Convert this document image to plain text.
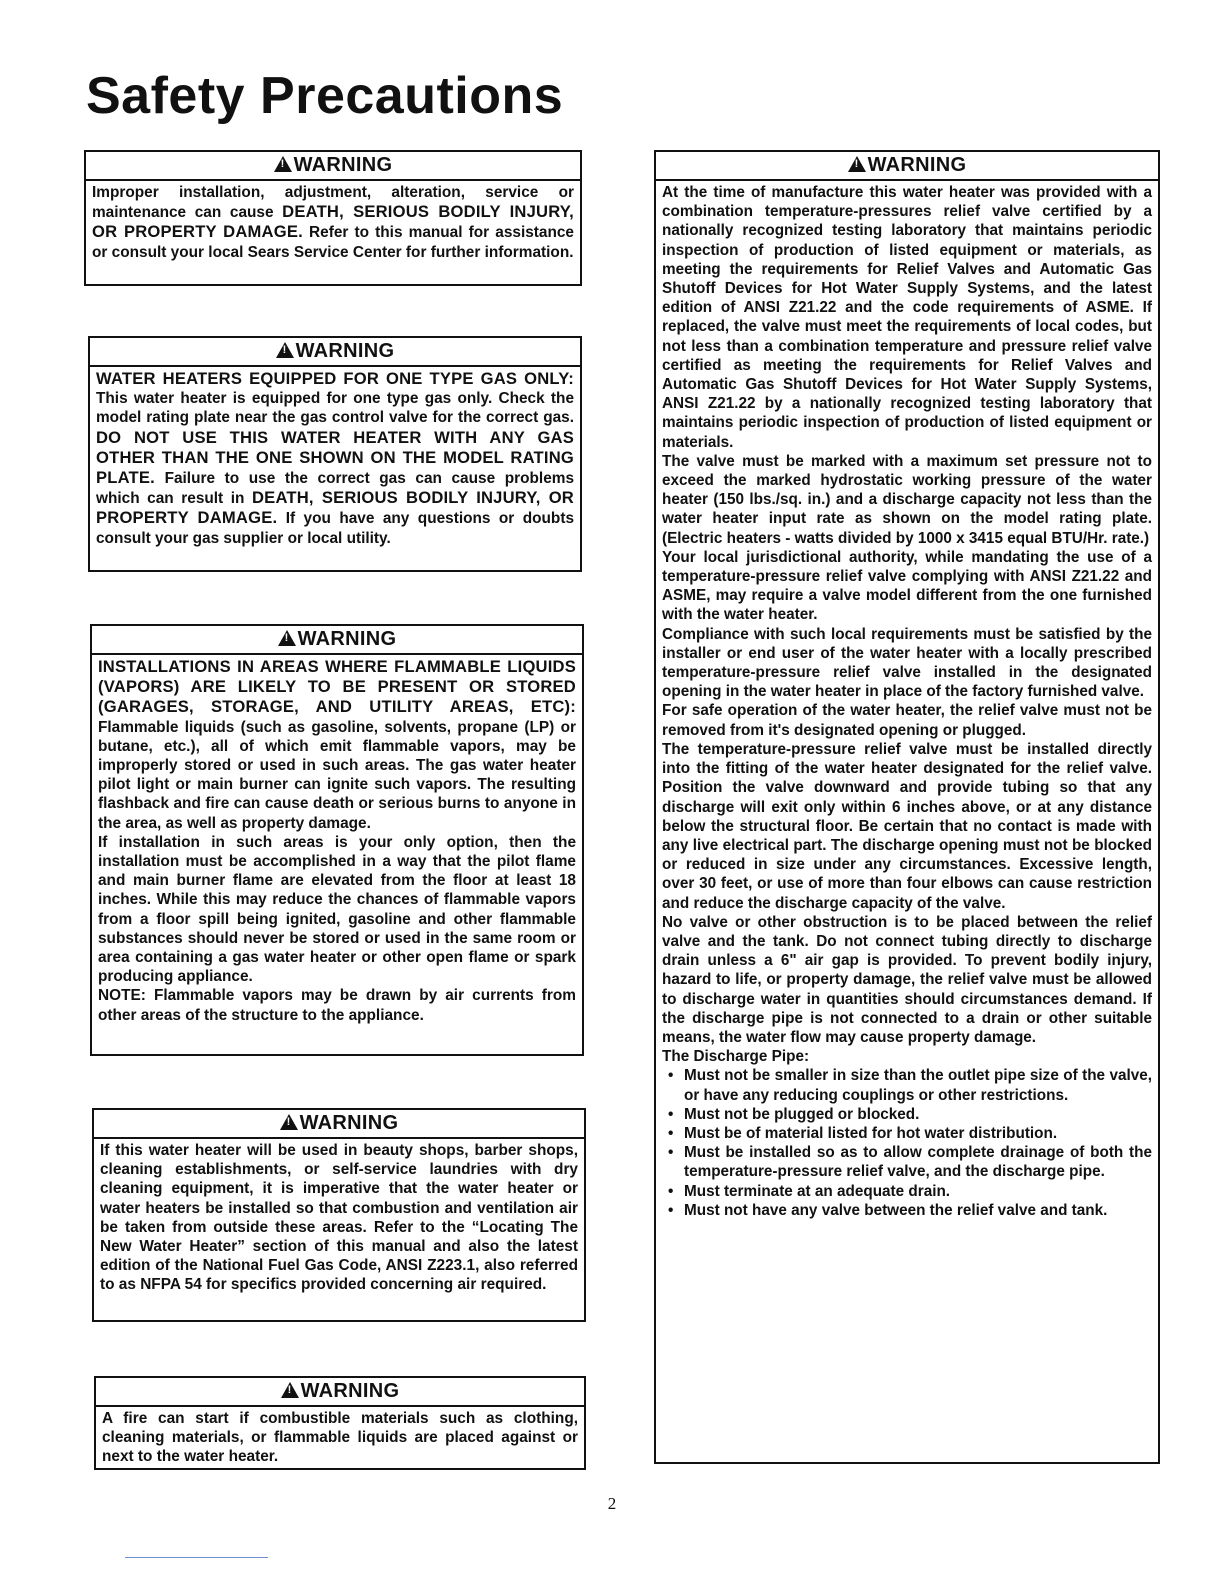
Safety Precautions
!WARNING

Improper installation, adjustment, alteration, service or maintenance can cause DEATH, SERIOUS BODILY INJURY, OR PROPERTY DAMAGE. Refer to this manual for assistance or consult your local Sears Service Center for further information.

!WARNING

WATER HEATERS EQUIPPED FOR ONE TYPE GAS ONLY: This water heater is equipped for one type gas only. Check the model rating plate near the gas control valve for the correct gas. DO NOT USE THIS WATER HEATER WITH ANY GAS OTHER THAN THE ONE SHOWN ON THE MODEL RATING PLATE. Failure to use the correct gas can cause problems which can result in DEATH, SERIOUS BODILY INJURY, OR PROPERTY DAMAGE. If you have any questions or doubts consult your gas supplier or local utility.

!WARNING

INSTALLATIONS IN AREAS WHERE FLAMMABLE LIQUIDS (VAPORS) ARE LIKELY TO BE PRESENT OR STORED (GARAGES, STORAGE, AND UTILITY AREAS, ETC): Flammable liquids (such as gasoline, solvents, propane (LP) or butane, etc.), all of which emit flammable vapors, may be improperly stored or used in such areas. The gas water heater pilot light or main burner can ignite such vapors. The resulting flashback and fire can cause death or serious burns to anyone in the area, as well as property damage.

If installation in such areas is your only option, then the installation must be accomplished in a way that the pilot flame and main burner flame are elevated from the floor at least 18 inches. While this may reduce the chances of flammable vapors from a floor spill being ignited, gasoline and other flammable substances should never be stored or used in the same room or area containing a gas water heater or other open flame or spark producing appliance.

NOTE: Flammable vapors may be drawn by air currents from other areas of the structure to the appliance.

!WARNING

If this water heater will be used in beauty shops, barber shops, cleaning establishments, or self-service laundries with dry cleaning equipment, it is imperative that the water heater or water heaters be installed so that combustion and ventilation air be taken from outside these areas. Refer to the “Locating The New Water Heater” section of this manual and also the latest edition of the National Fuel Gas Code, ANSI Z223.1, also referred to as NFPA 54 for specifics provided concerning air required.

!WARNING

A fire can start if combustible materials such as clothing, cleaning materials, or flammable liquids are placed against or next to the water heater.

!WARNING

At the time of manufacture this water heater was provided with a combination temperature-pressures relief valve certified by a nationally recognized testing laboratory that maintains periodic inspection of production of listed equipment or materials, as meeting the requirements for Relief Valves and Automatic Gas Shutoff Devices for Hot Water Supply Systems, and the latest edition of ANSI Z21.22 and the code requirements of ASME. If replaced, the valve must meet the requirements of local codes, but not less than a combination temperature and pressure relief valve certified as meeting the requirements for Relief Valves and Automatic Gas Shutoff Devices for Hot Water Supply Systems, ANSI Z21.22 by a nationally recognized testing laboratory that maintains periodic inspection of production of listed equipment or materials.

The valve must be marked with a maximum set pressure not to exceed the marked hydrostatic working pressure of the water heater (150 lbs./sq. in.) and a discharge capacity not less than the water heater input rate as shown on the model rating plate. (Electric heaters - watts divided by 1000 x 3415 equal BTU/Hr. rate.)

Your local jurisdictional authority, while mandating the use of a temperature-pressure relief valve complying with ANSI Z21.22 and ASME, may require a valve model different from the one furnished with the water heater.

Compliance with such local requirements must be satisfied by the installer or end user of the water heater with a locally prescribed temperature-pressure relief valve installed in the designated opening in the water heater in place of the factory furnished valve.

For safe operation of the water heater, the relief valve must not be removed from it's designated opening or plugged.

The temperature-pressure relief valve must be installed directly into the fitting of the water heater designated for the relief valve. Position the valve downward and provide tubing so that any discharge will exit only within 6 inches above, or at any distance below the structural floor. Be certain that no contact is made with any live electrical part. The discharge opening must not be blocked or reduced in size under any circumstances. Excessive length, over 30 feet, or use of more than four elbows can cause restriction and reduce the discharge capacity of the valve.

No valve or other obstruction is to be placed between the relief valve and the tank. Do not connect tubing directly to discharge drain unless a 6" air gap is provided. To prevent bodily injury, hazard to life, or property damage, the relief valve must be allowed to discharge water in quantities should circumstances demand. If the discharge pipe is not connected to a drain or other suitable means, the water flow may cause property damage.

The Discharge Pipe:

• Must not be smaller in size than the outlet pipe size of the valve, or have any reducing couplings or other restrictions.
• Must not be plugged or blocked.
• Must be of material listed for hot water distribution.
• Must be installed so as to allow complete drainage of both the temperature-pressure relief valve, and the discharge pipe.
• Must terminate at an adequate drain.
• Must not have any valve between the relief valve and tank.
2
